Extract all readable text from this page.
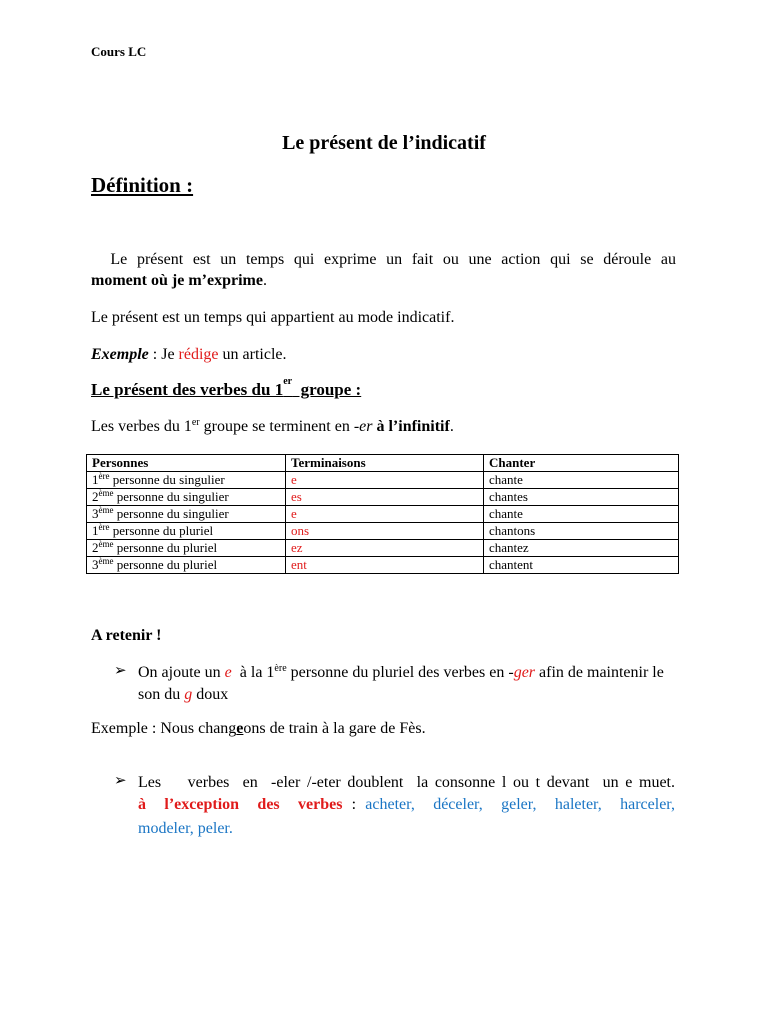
Cours LC
Le présent de l’indicatif
Définition :
Le présent est un temps qui exprime un fait ou une action qui se déroule au
moment où je m’exprime.
Le présent est un temps qui appartient au mode indicatif.
Exemple : Je rédige un article.
Le présent des verbes du 1er  groupe :
Les verbes du 1er groupe se terminent en -er à l’infinitif.
Personnes	Terminaisons	Chanter
1ère personne du singulier	e	chante
2ème personne du singulier	es	chantes
3ème personne du singulier	e	chante
1ère personne du pluriel	ons	chantons
2ème personne du pluriel	ez	chantez
3ème personne du pluriel	ent	chantent
A retenir !
➢ On ajoute un e  à la 1ère personne du pluriel des verbes en -ger afin de maintenir le son du g doux
Exemple : Nous changeons de train à la gare de Fès.
➢ Les    verbes  en  -eler /-eter doublent  la consonne l ou t devant  un e muet.
à  l’exception  des  verbes : acheter,  déceler,  geler,  haleter,  harceler,
modeler, peler.
